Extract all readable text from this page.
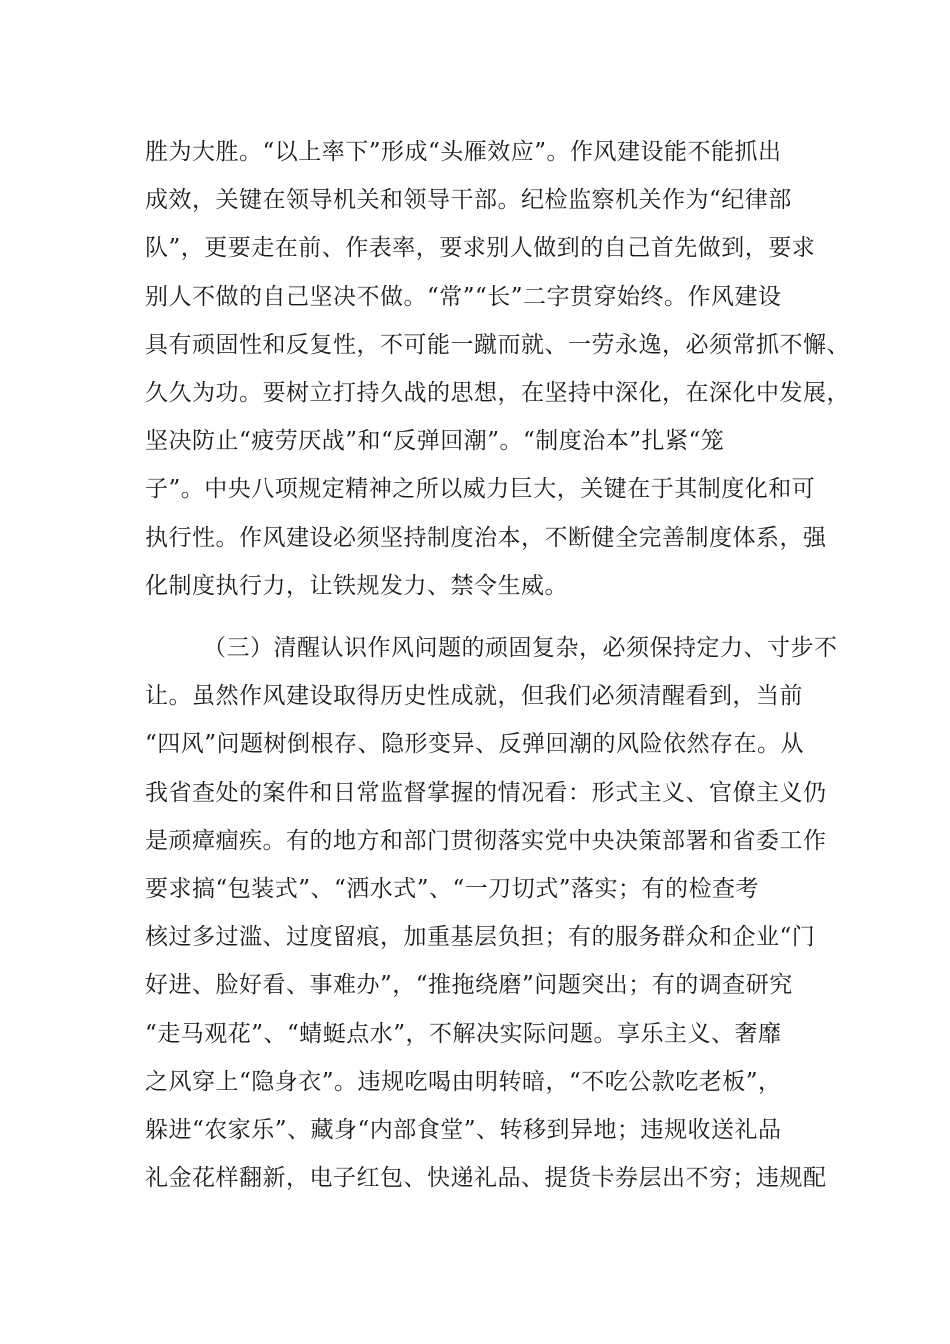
胜为大胜。“以上率下”形成“头雁效应”。作风建设能不能抓出
成效，关键在领导机关和领导干部。纪检监察机关作为“纪律部
队”，更要走在前、作表率，要求别人做到的自己首先做到，要求
别人不做的自己坚决不做。“常”“长”二字贯穿始终。作风建设
具有顽固性和反复性，不可能一蹴而就、一劳永逸，必须常抓不懈、
久久为功。要树立打持久战的思想，在坚持中深化，在深化中发展，
坚决防止“疲劳厌战”和“反弹回潮”。“制度治本”扎紧“笼
子”。中央八项规定精神之所以威力巨大，关键在于其制度化和可
执行性。作风建设必须坚持制度治本，不断健全完善制度体系，强
化制度执行力，让铁规发力、禁令生威。
（三）清醒认识作风问题的顽固复杂，必须保持定力、寸步不
让。虽然作风建设取得历史性成就，但我们必须清醒看到，当前
“四风”问题树倒根存、隐形变异、反弹回潮的风险依然存在。从
我省查处的案件和日常监督掌握的情况看：形式主义、官僚主义仍
是顽瘴痼疾。有的地方和部门贯彻落实党中央决策部署和省委工作
要求搞“包装式”、“洒水式”、“一刀切式”落实；有的检查考
核过多过滥、过度留痕，加重基层负担；有的服务群众和企业“门
好进、脸好看、事难办”，“推拖绕磨”问题突出；有的调查研究
“走马观花”、“蜻蜓点水”，不解决实际问题。享乐主义、奢靡
之风穿上“隐身衣”。违规吃喝由明转暗，“不吃公款吃老板”，
躲进“农家乐”、藏身“内部食堂”、转移到异地；违规收送礼品
礼金花样翻新，电子红包、快递礼品、提货卡券层出不穷；违规配
